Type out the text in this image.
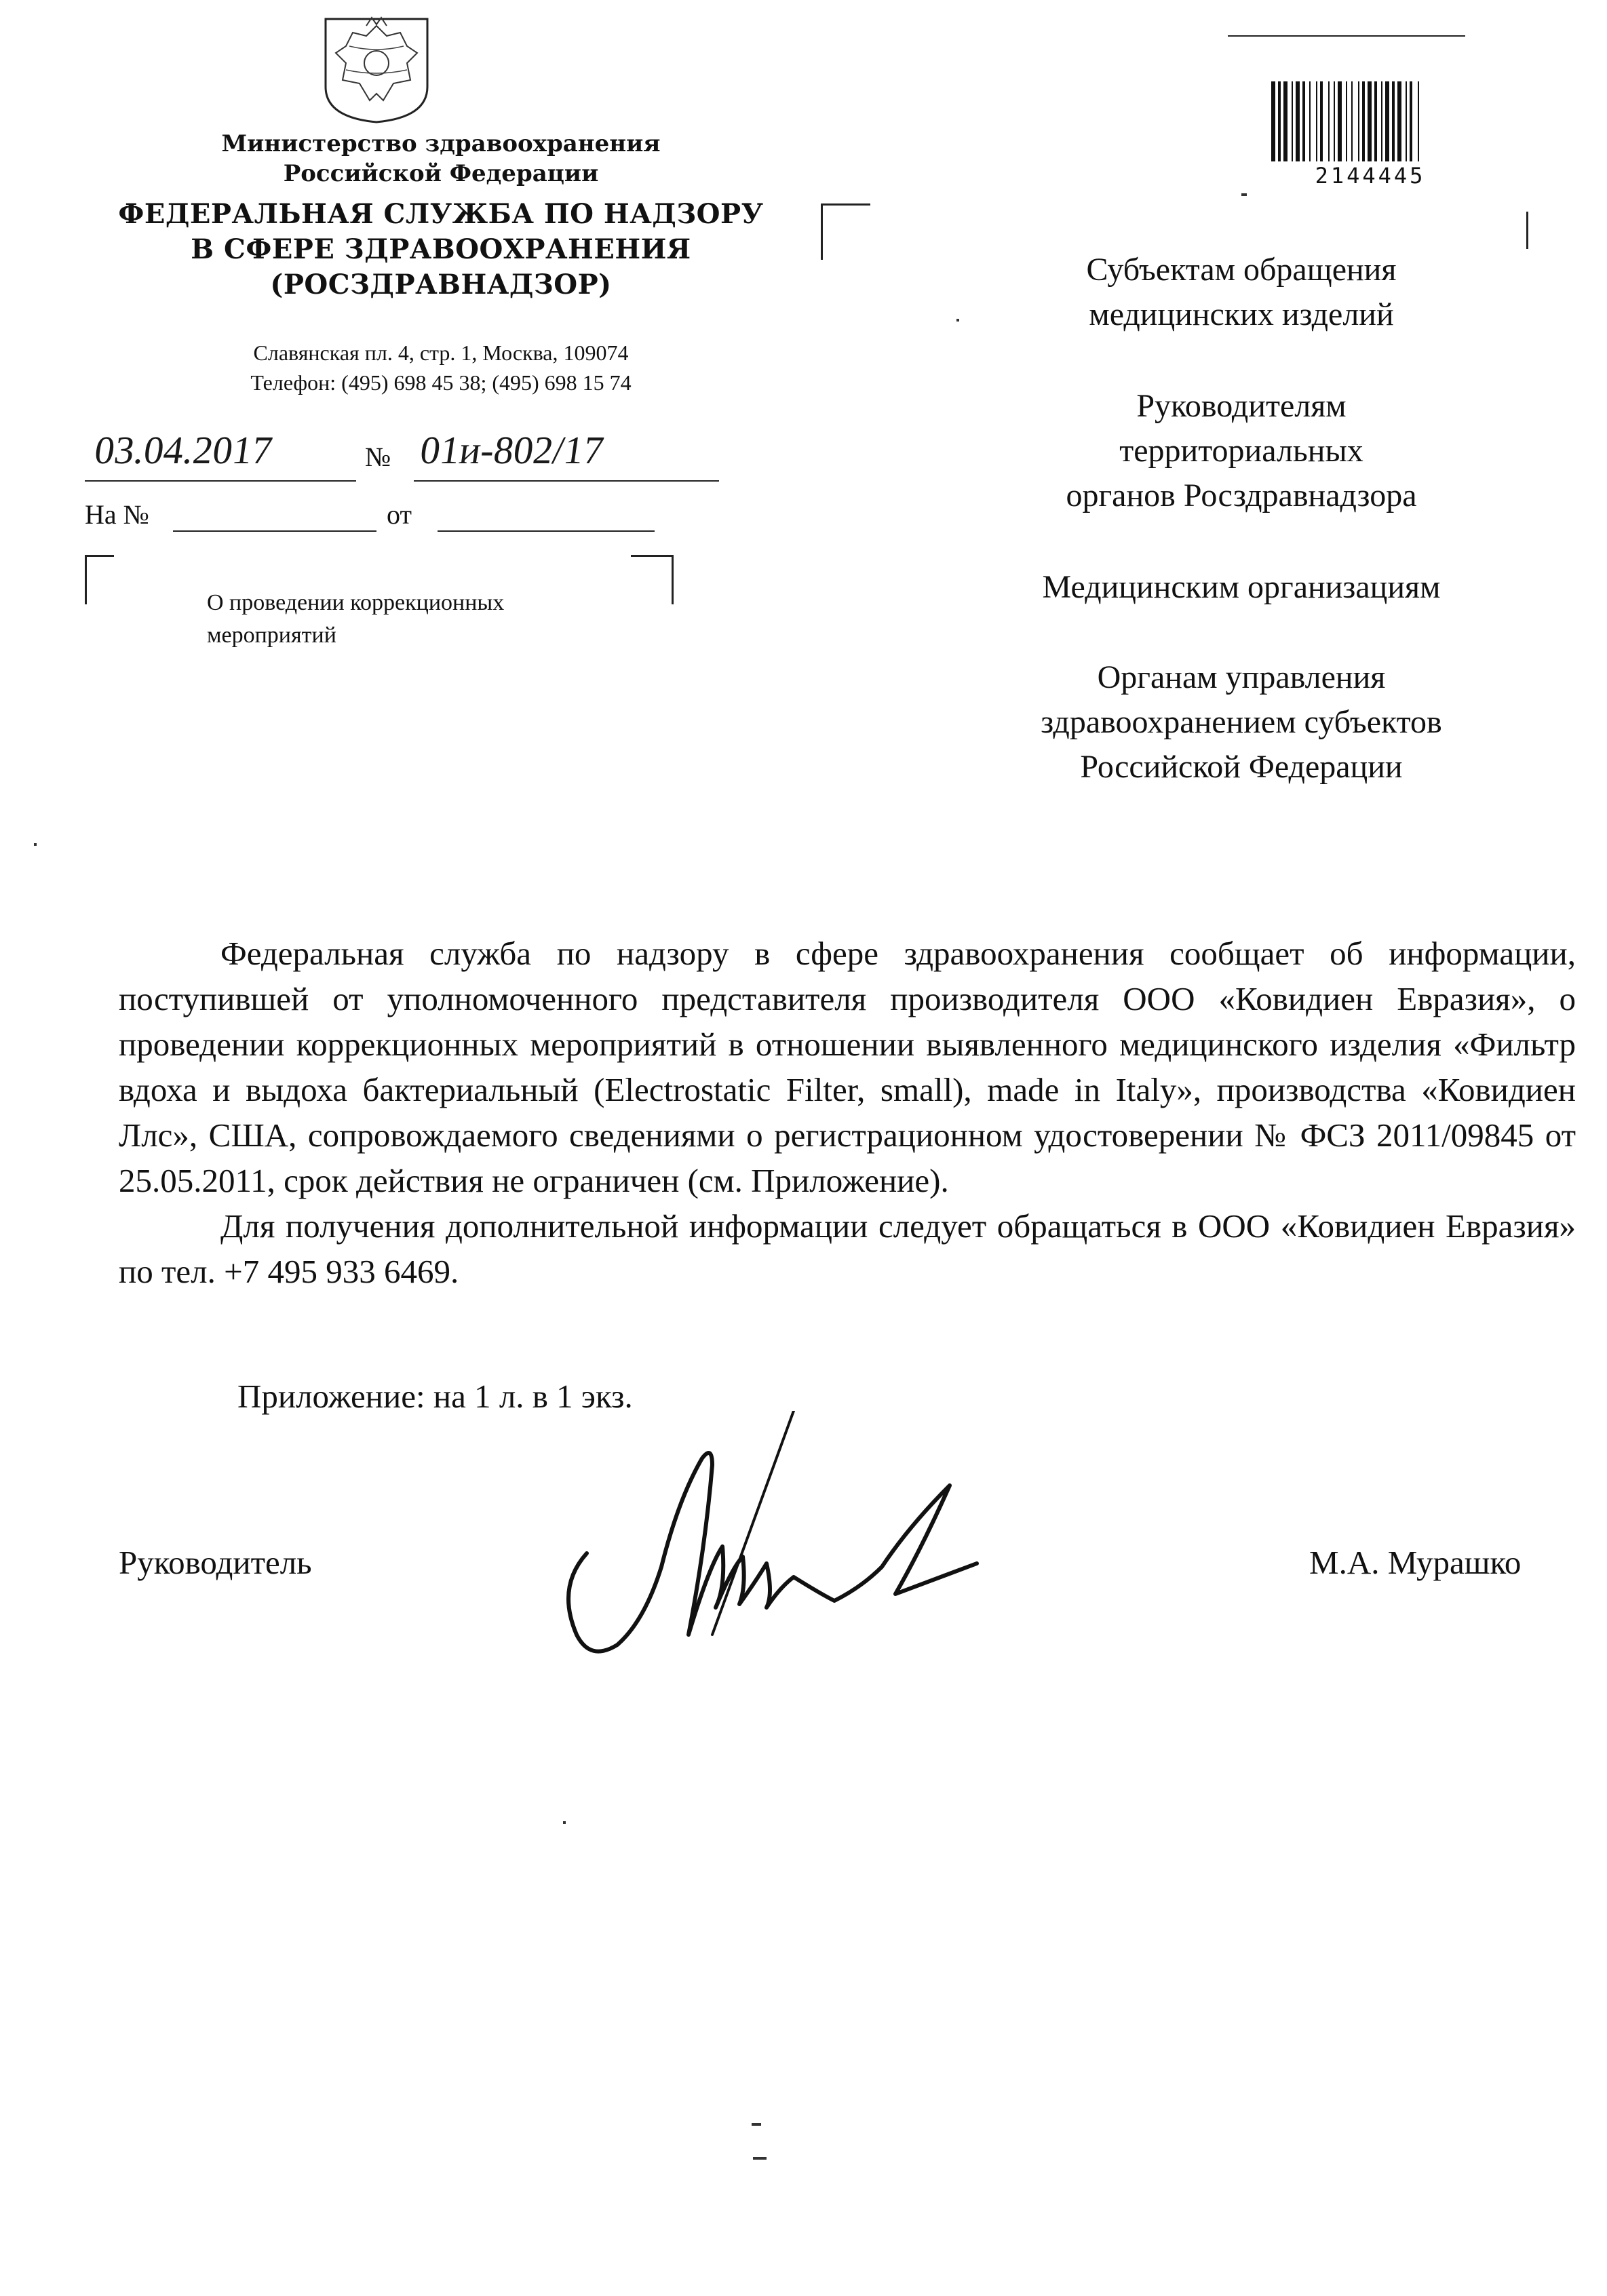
Министерство здравоохранения
Российской Федерации
ФЕДЕРАЛЬНАЯ СЛУЖБА ПО НАДЗОРУ
В СФЕРЕ ЗДРАВООХРАНЕНИЯ
(РОСЗДРАВНАДЗОР)
Славянская пл. 4, стр. 1, Москва, 109074
Телефон: (495) 698 45 38; (495) 698 15 74
03.04.2017	№ 01и-802/17
На №	от
О проведении коррекционных
мероприятий
2144445
Субъектам обращения
медицинских изделий
Руководителям
территориальных
органов Росздравнадзора
Медицинским организациям
Органам управления
здравоохранением субъектов
Российской Федерации

Федеральная служба по надзору в сфере здравоохранения сообщает об информации, поступившей от уполномоченного представителя производителя ООО «Ковидиен Евразия», о проведении коррекционных мероприятий в отношении выявленного медицинского изделия «Фильтр вдоха и выдоха бактериальный (Electrostatic Filter, small), made in Italy», производства «Ковидиен Ллс», США, сопровождаемого сведениями о регистрационном удостоверении № ФСЗ 2011/09845 от 25.05.2011, срок действия не ограничен (см. Приложение).

Для получения дополнительной информации следует обращаться в ООО «Ковидиен Евразия» по тел. +7 495 933 6469.

Приложение: на 1 л. в 1 экз.
Руководитель	М.А. Мурашко
